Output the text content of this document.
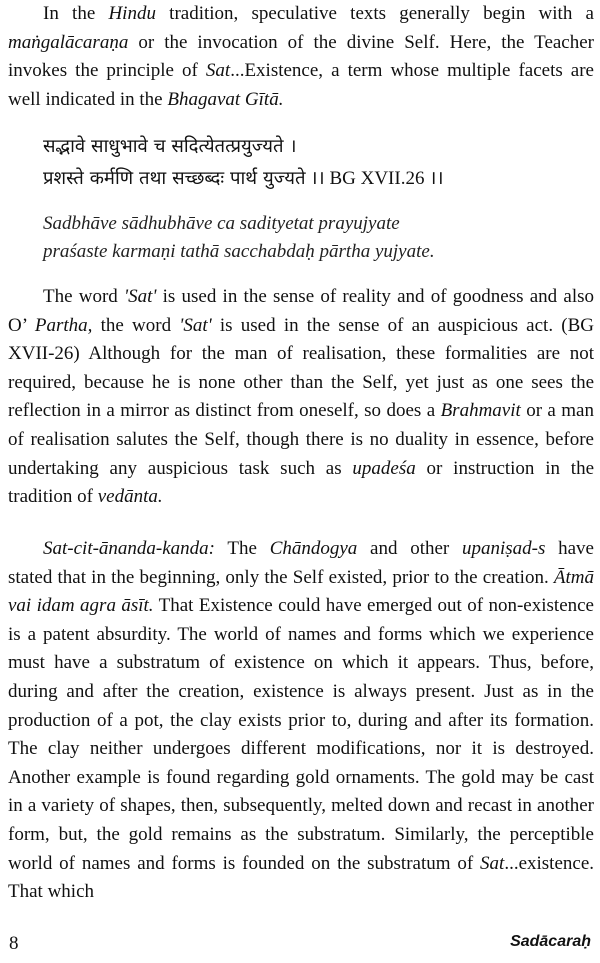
In the Hindu tradition, speculative texts generally begin with a maṅgalācaraṇa or the invocation of the divine Self. Here, the Teacher invokes the principle of Sat...Existence, a term whose multiple facets are well indicated in the Bhagavat Gītā.

सद्भावे साधुभावे च सदित्येतत्प्रयुज्यते ।
प्रशस्ते कर्मणि तथा सच्छब्दः पार्थ युज्यते ।। BG XVII.26 ।।
Sadbhāve sādhubhāve ca sadityetat prayujyate
praśaste karmaṇi tathā sacchabdaḥ pārtha yujyate.

The word 'Sat' is used in the sense of reality and of goodness and also O’ Partha, the word 'Sat' is used in the sense of an auspicious act. (BG XVII-26) Although for the man of realisation, these formalities are not required, because he is none other than the Self, yet just as one sees the reflection in a mirror as distinct from oneself, so does a Brahmavit or a man of realisation salutes the Self, though there is no duality in essence, before undertaking any auspicious task such as upadeśa or instruction in the tradition of vedānta.

Sat-cit-ānanda-kanda: The Chāndogya and other upaniṣad-s have stated that in the beginning, only the Self existed, prior to the creation. Ātmā vai idam agra āsīt. That Existence could have emerged out of non-existence is a patent absurdity. The world of names and forms which we experience must have a substratum of existence on which it appears. Thus, before, during and after the creation, existence is always present. Just as in the production of a pot, the clay exists prior to, during and after its formation. The clay neither undergoes different modifications, nor it is destroyed. Another example is found regarding gold ornaments. The gold may be cast in a variety of shapes, then, subsequently, melted down and recast in another form, but, the gold remains as the substratum. Similarly, the perceptible world of names and forms is founded on the substratum of Sat...existence. That which

8	Sadācaraḥ
